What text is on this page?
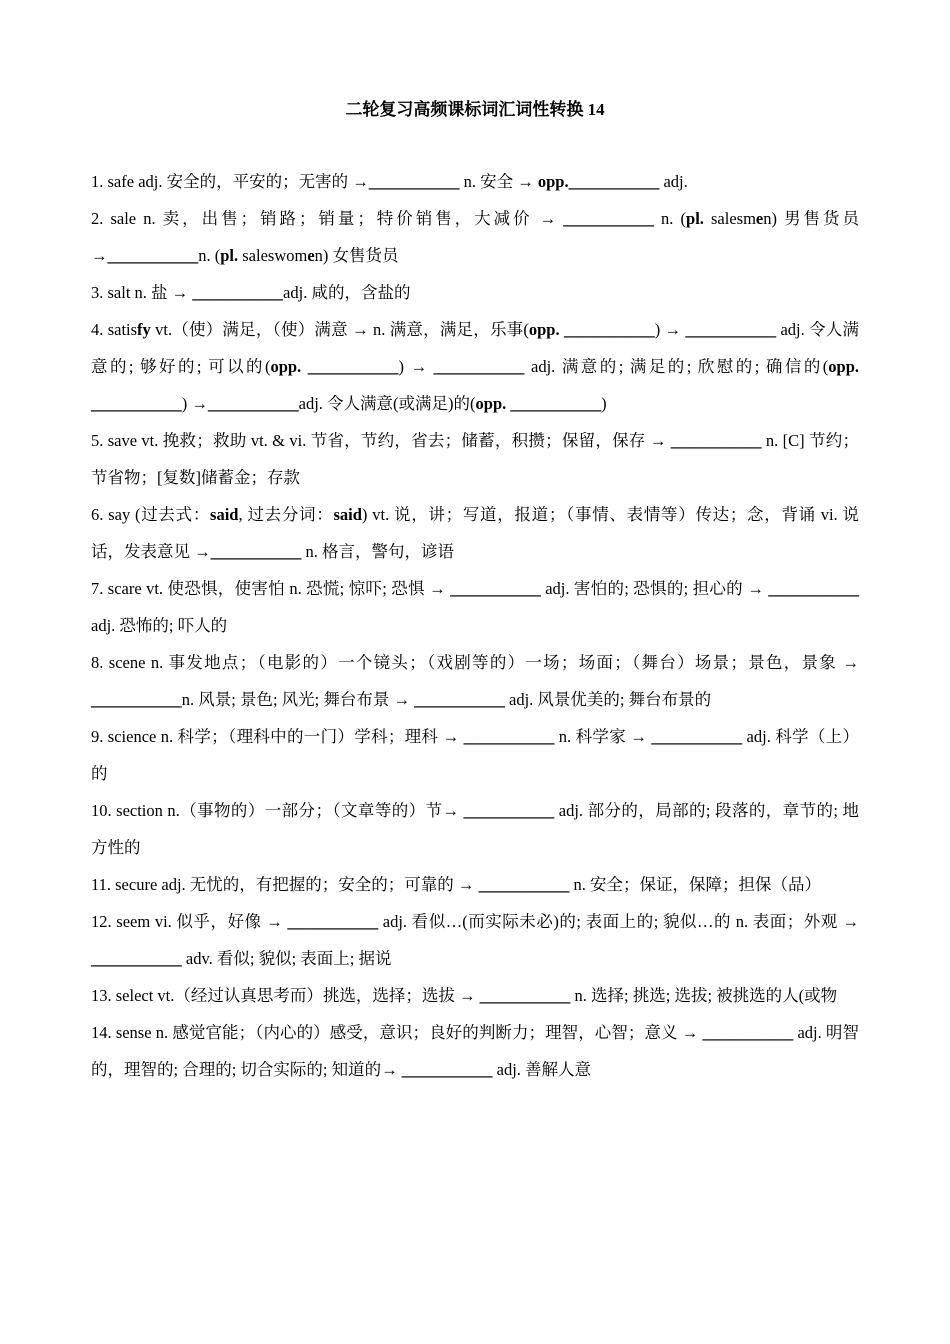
二轮复习高频课标词汇词性转换 14

1. safe adj. 安全的，平安的；无害的 →___________ n. 安全 → opp.___________ adj.

2. sale n. 卖，出售；销路；销量；特价销售，大减价 → ___________ n. (pl. salesmen) 男售货员 →___________n. (pl. saleswomen) 女售货员

3. salt n. 盐 → ___________adj. 咸的，含盐的

4. satisfy vt.（使）满足，（使）满意 → n. 满意，满足，乐事(opp. ___________) → ___________ adj. 令人满意的; 够好的; 可以的(opp. ___________) → ___________ adj. 满意的; 满足的; 欣慰的; 确信的(opp. ___________) →___________adj. 令人满意(或满足)的(opp. ___________)

5. save vt. 挽救；救助 vt. & vi. 节省，节约，省去；储蓄，积攒；保留，保存 → ___________ n. [C] 节约；节省物；[复数]储蓄金；存款

6. say (过去式：said, 过去分词：said) vt. 说，讲；写道，报道；（事情、表情等）传达；念，背诵 vi. 说话，发表意见 →___________ n. 格言，警句，谚语

7. scare vt. 使恐惧，使害怕 n. 恐慌; 惊吓; 恐惧 → ___________ adj. 害怕的; 恐惧的; 担心的 → ___________ adj. 恐怖的; 吓人的

8. scene n. 事发地点；（电影的）一个镜头；（戏剧等的）一场；场面；（舞台）场景；景色，景象 → ___________n. 风景; 景色; 风光; 舞台布景 → ___________ adj. 风景优美的; 舞台布景的

9. science n. 科学；（理科中的一门）学科；理科 → ___________ n. 科学家 → ___________ adj. 科学（上）的

10. section n.（事物的）一部分；（文章等的）节→ ___________ adj. 部分的，局部的; 段落的，章节的; 地方性的

11. secure adj. 无忧的，有把握的；安全的；可靠的 → ___________ n. 安全；保证，保障；担保（品）

12. seem vi. 似乎，好像 → ___________ adj. 看似…(而实际未必)的; 表面上的; 貌似…的 n. 表面；外观 → ___________ adv. 看似; 貌似; 表面上; 据说

13. select vt.（经过认真思考而）挑选，选择；选拔 → ___________ n. 选择; 挑选; 选拔; 被挑选的人(或物

14. sense n. 感觉官能；（内心的）感受，意识；良好的判断力；理智，心智；意义 → ___________ adj. 明智的，理智的; 合理的; 切合实际的; 知道的→ ___________ adj. 善解人意
